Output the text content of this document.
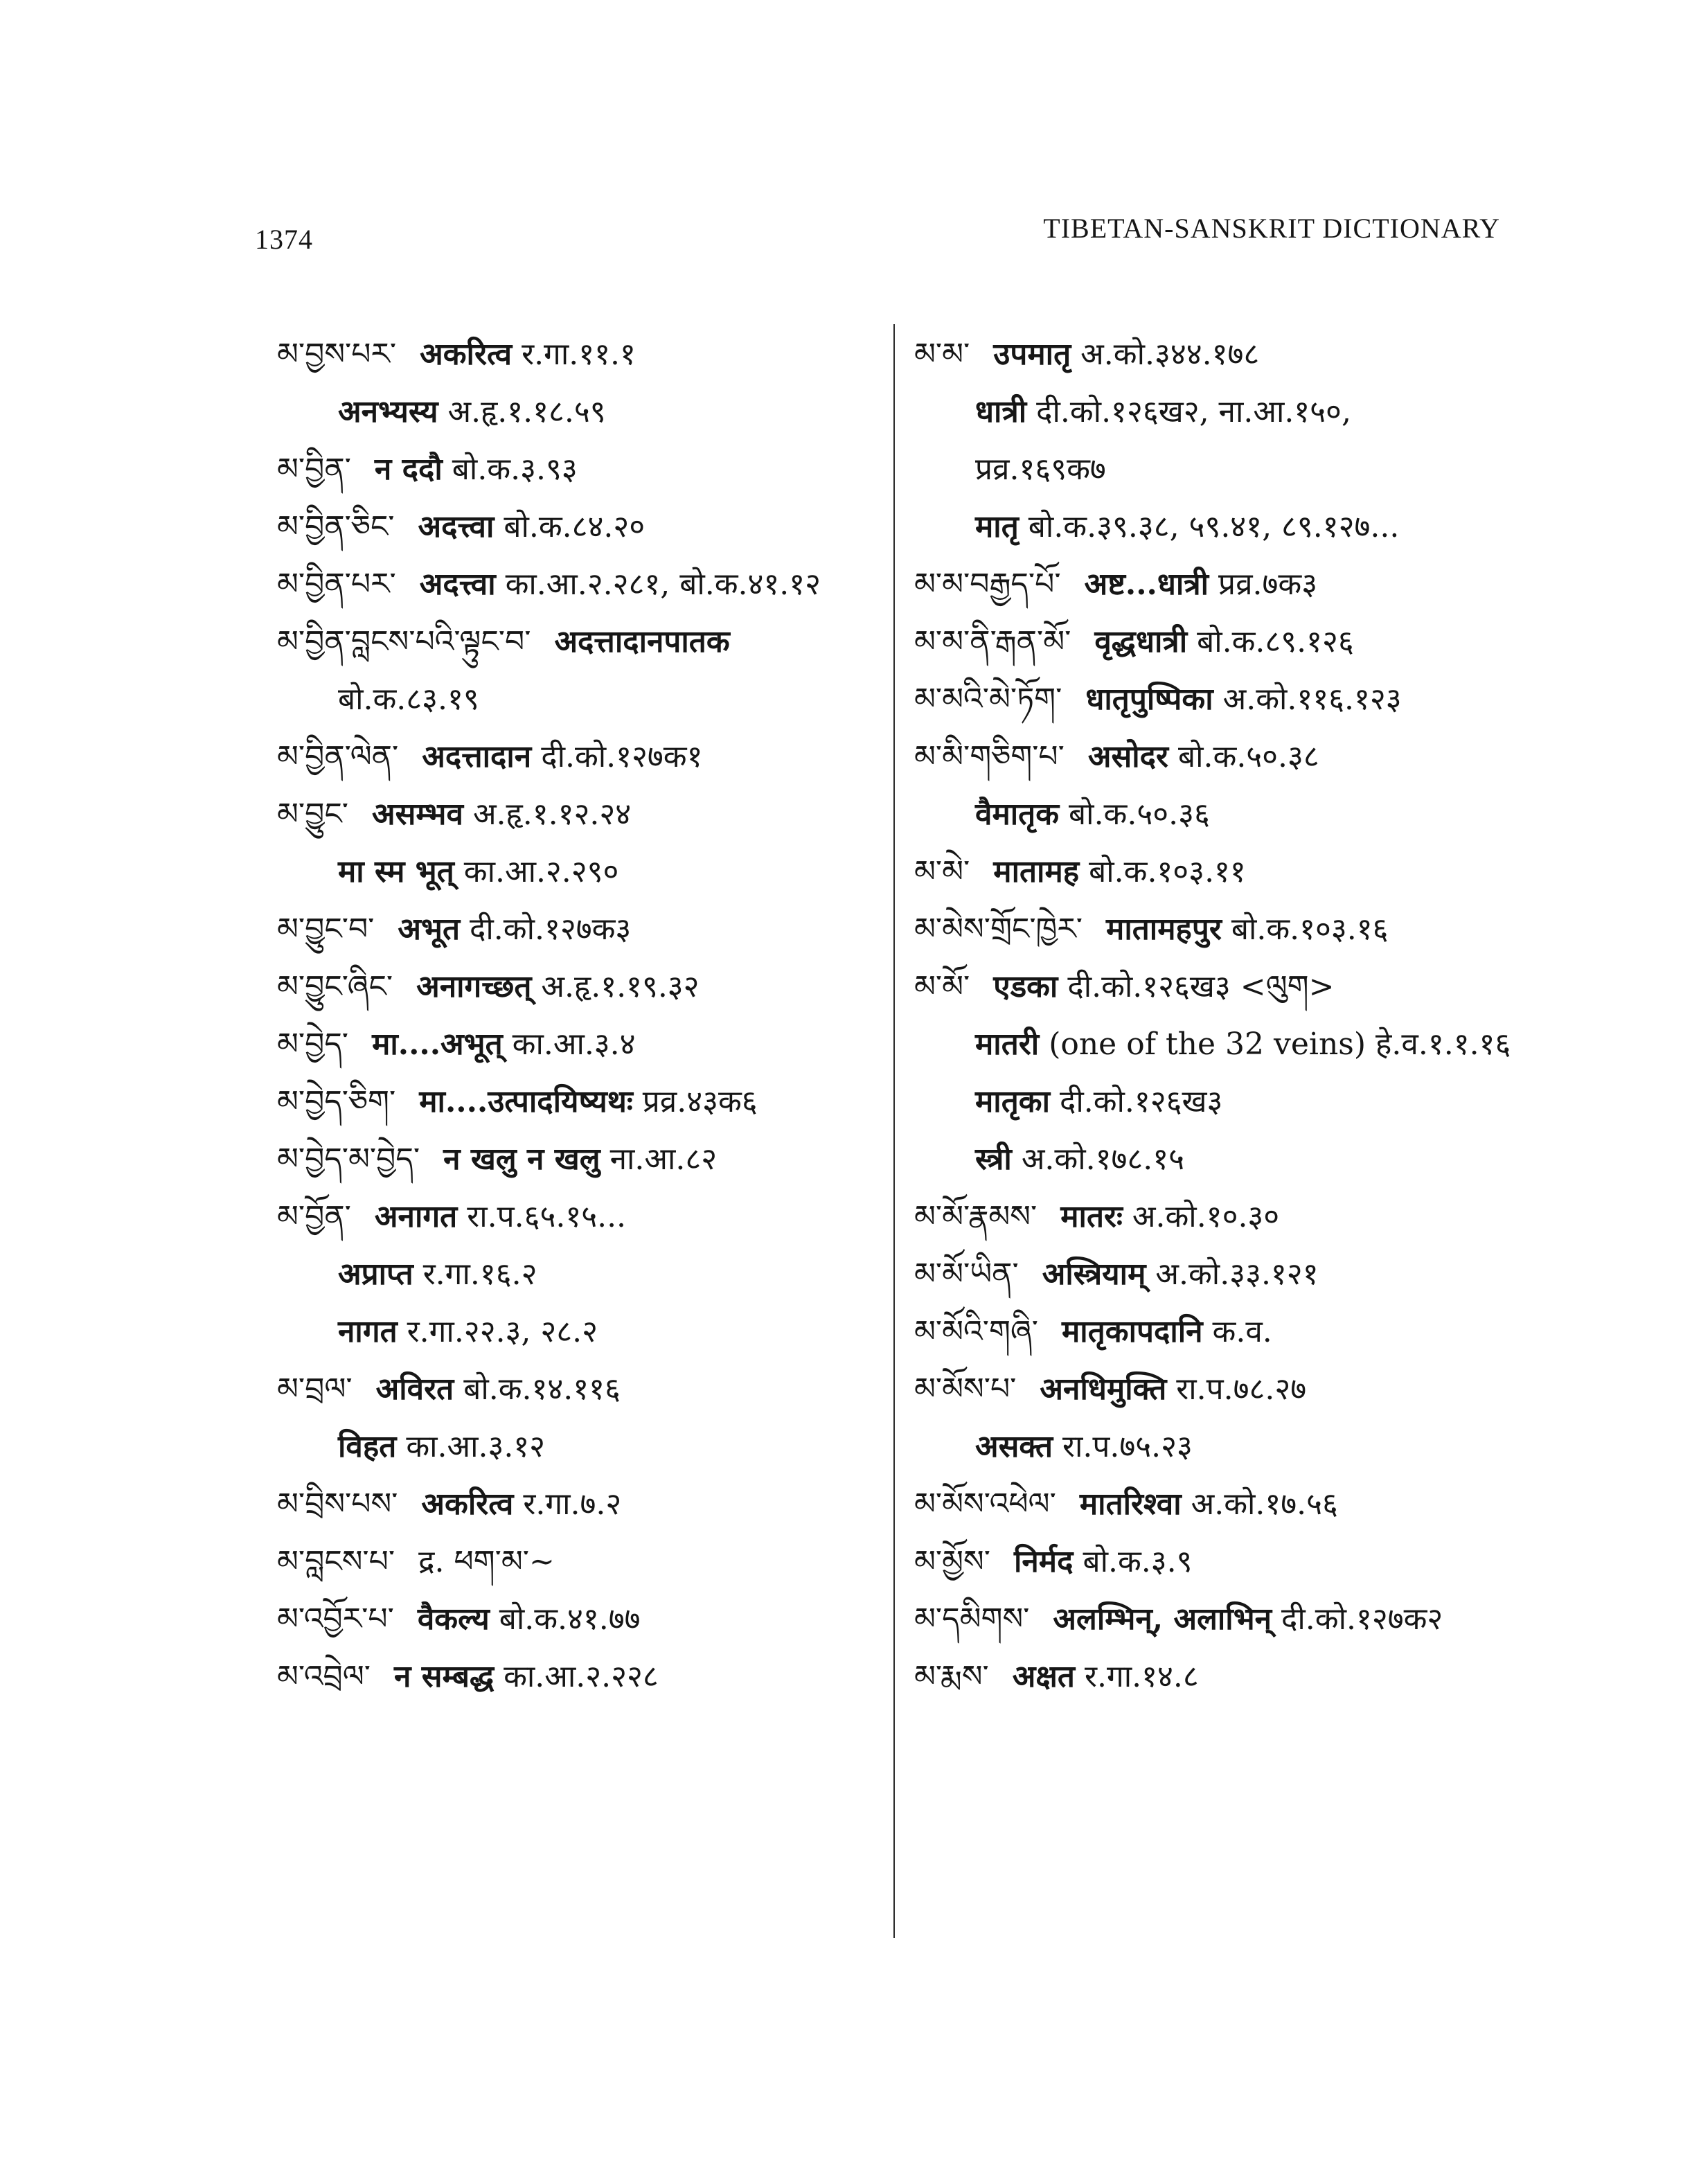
1374	TIBETAN-SANSKRIT DICTIONARY
མ་བྱས་པར་ अकरित्व र.गा.११.१
अनभ्यस्य अ.हृ.१.१८.५९
མ་བྱིན་ न ददौ बो.क.३.९३
མ་བྱིན་ཅིང་ अदत्त्वा बो.क.८४.२०
མ་བྱིན་པར་ अदत्त्वा का.आ.२.२८१, बो.क.४१.१२
མ་བྱིན་བླངས་པའི་ལྟུང་བ་ अदत्तादानपातक
बो.क.८३.१९
མ་བྱིན་ལེན་ अदत्तादान दी.को.१२७क१
མ་བྱུང་ असम्भव अ.हृ.१.१२.२४
मा स्म भूत् का.आ.२.२९०
མ་བྱུང་བ་ अभूत दी.को.१२७क३
མ་བྱུང་ཞིང་ अनागच्छत् अ.हृ.१.१९.३२
མ་བྱེད་ मा....अभूत् का.आ.३.४
མ་བྱེད་ཅིག་ मा....उत्पादयिष्यथः प्रव्र.४३क६
མ་བྱེད་མ་བྱེད་ न खलु न खलु ना.आ.८२
མ་བྱོན་ अनागत रा.प.६५.१५...
अप्राप्त र.गा.१६.२
नागत र.गा.२२.३, २८.२
མ་བྲལ་ अविरत बो.क.१४.११६
विहत का.आ.३.१२
མ་བྲིས་པས་ अकरित्व र.गा.७.२
མ་བླངས་པ་ द्र. ཕག་མ་~
མ་འབྱོར་པ་ वैकल्य बो.क.४१.७७
མ་འབྲེལ་ न सम्बद्ध का.आ.२.२२८
མ་མ་ उपमातृ अ.को.३४४.१७८
धात्री दी.को.१२६ख२, ना.आ.१५०,
प्रव्र.१६९क७
मातृ बो.क.३९.३८, ५९.४१, ८९.१२७...
མ་མ་བརྒྱད་པོ་ अष्ट...धात्री प्रव्र.७क३
མ་མ་ནི་རྒན་མོ་ वृद्धधात्री बो.क.८९.१२६
མ་མའི་མེ་ཏོག་ धातृपुष्पिका अ.को.११६.१२३
མ་མི་གཅིག་པ་ असोदर बो.क.५०.३८
वैमातृक बो.क.५०.३६
མ་མེ་ मातामह बो.क.१०३.११
མ་མེས་གྲོང་ཁྱེར་ मातामहपुर बो.क.१०३.१६
མ་མོ་ एडका दी.को.१२६ख३ <ལུག>
मातरी (one of the 32 veins) हे.व.१.१.१६
मातृका दी.को.१२६ख३
स्त्री अ.को.१७८.१५
མ་མོ་རྣམས་ मातरः अ.को.१०.३०
མ་མོ་ཡིན་ अस्त्रियाम् अ.को.३३.१२१
མ་མོའི་གཞི་ मातृकापदानि क.व.
མ་མོས་པ་ अनधिमुक्ति रा.प.७८.२७
असक्त रा.प.७५.२३
མ་མོས་འཕེལ་ मातरिश्वा अ.को.१७.५६
མ་མྱོས་ निर्मद बो.क.३.९
མ་དམིགས་ अलम्भिन्, अलाभिन् दी.को.१२७क२
མ་རྨས་ अक्षत र.गा.१४.८
